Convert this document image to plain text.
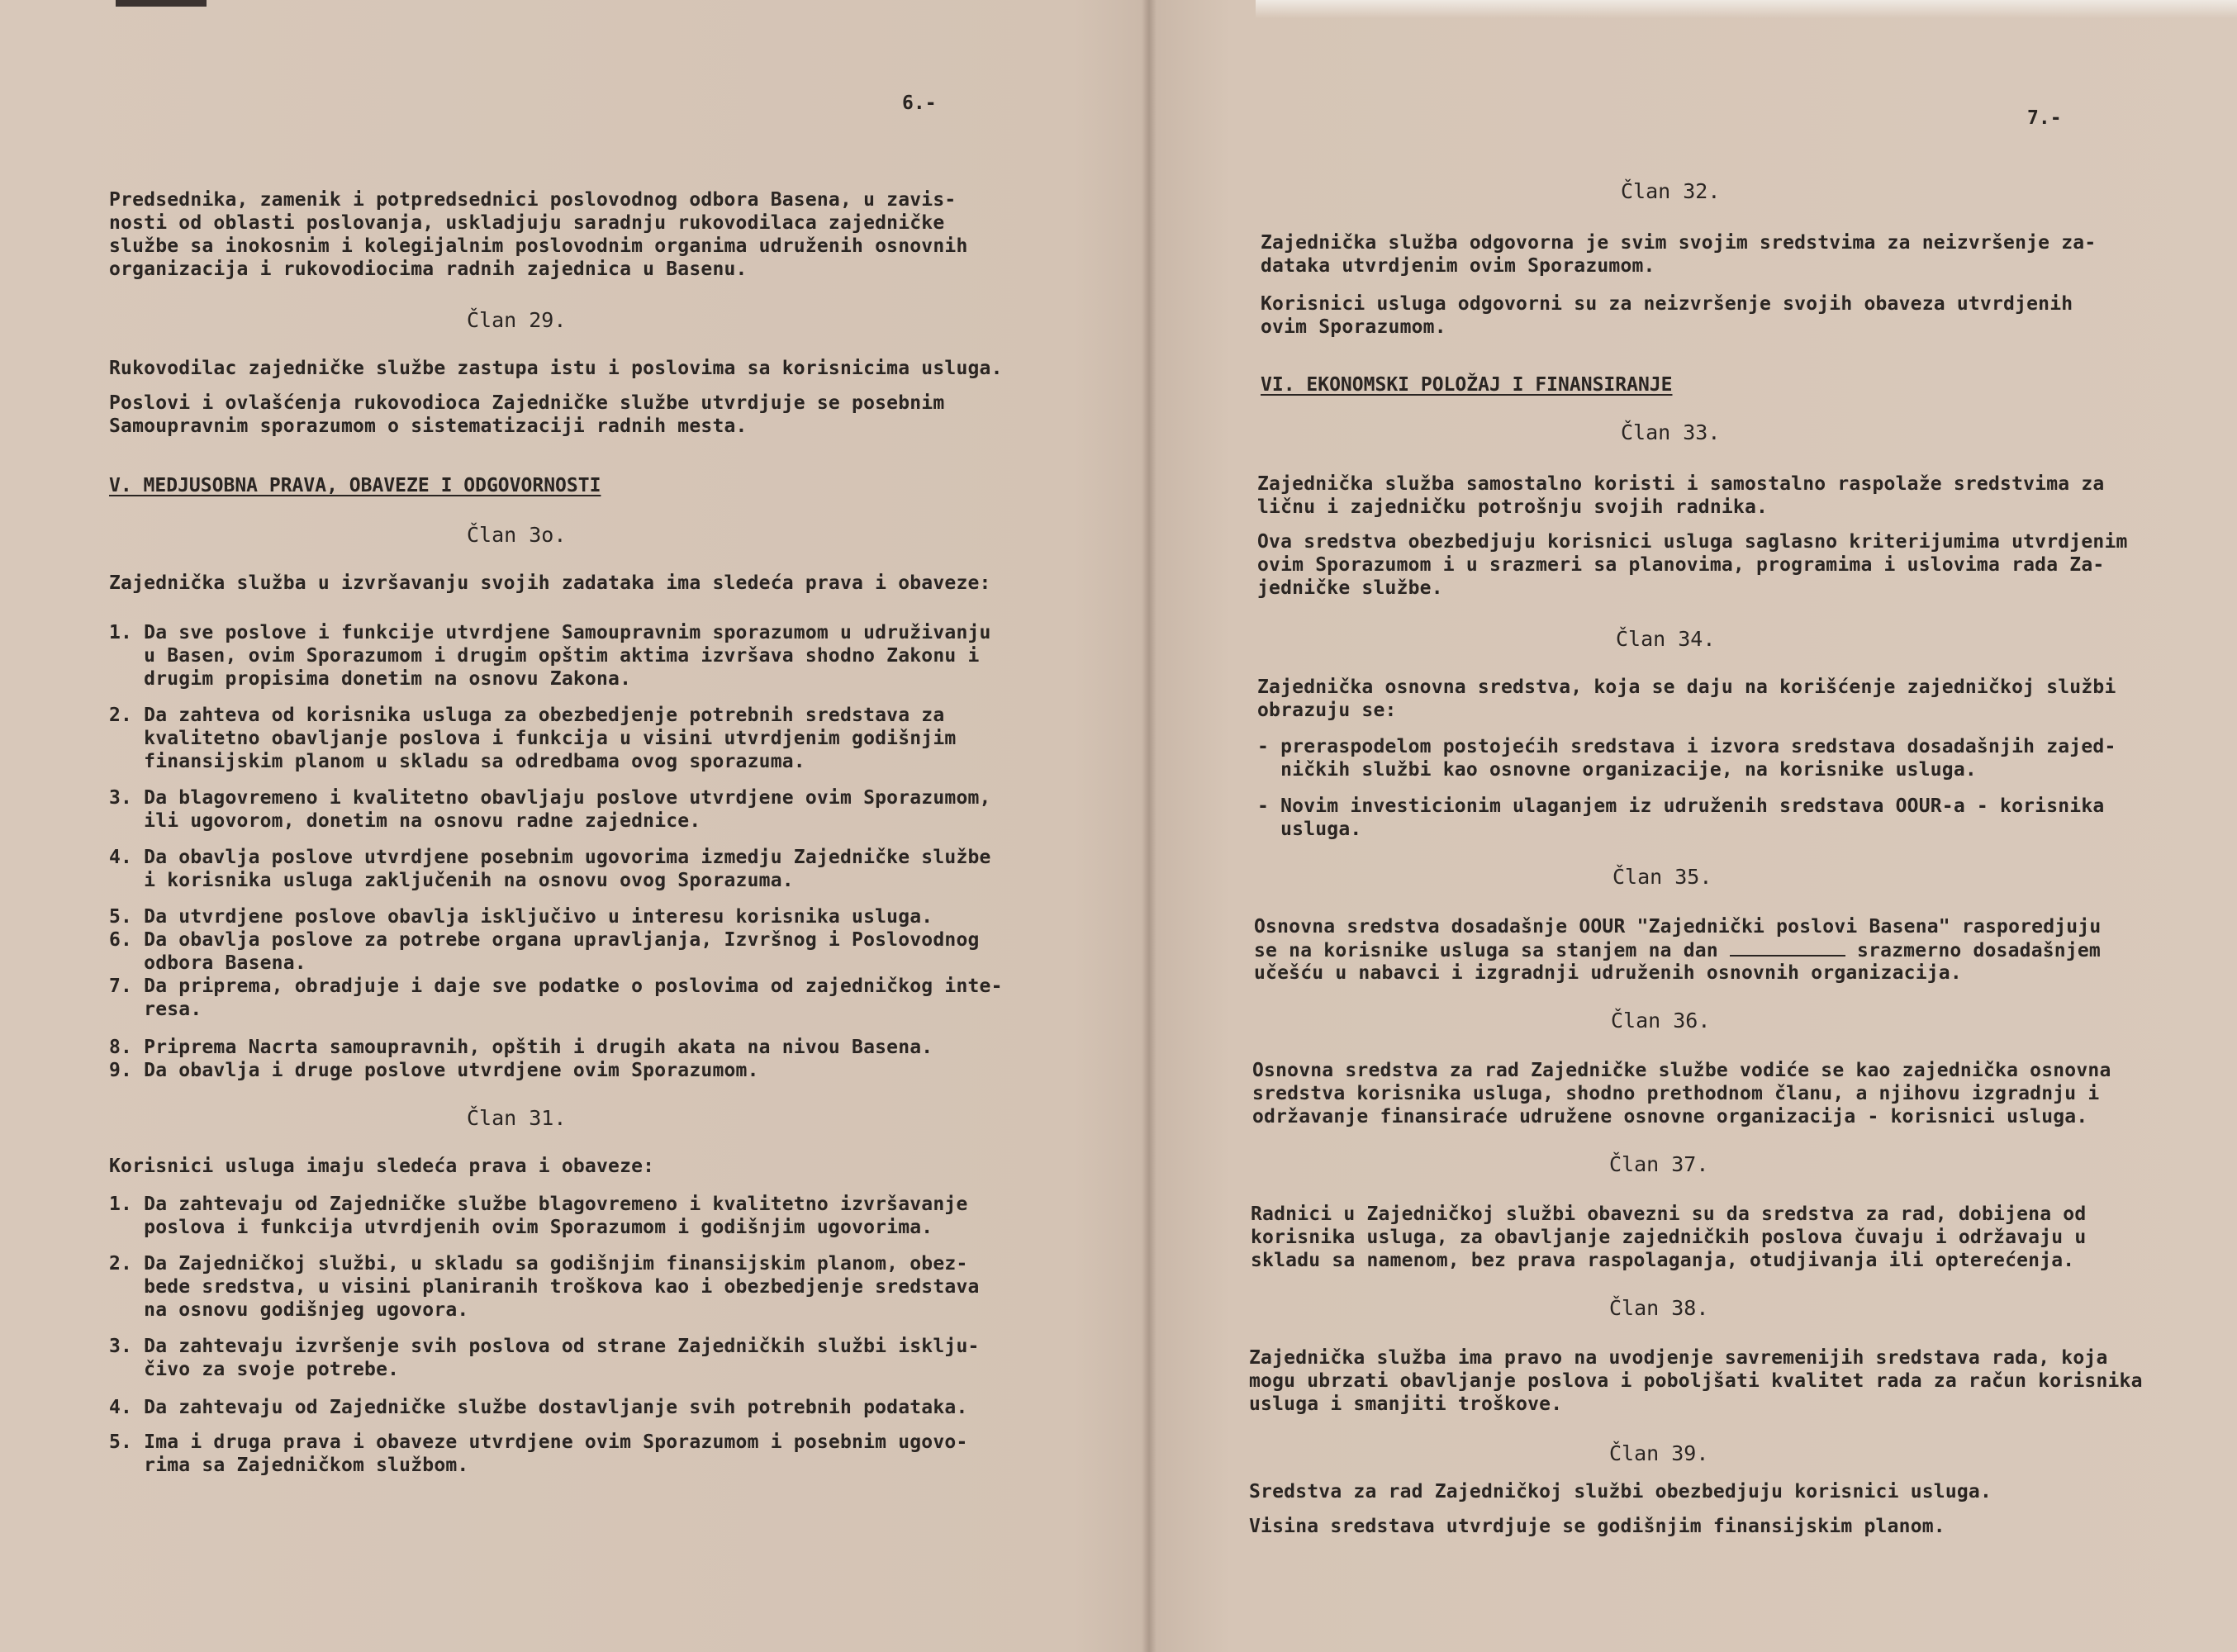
6.-
Predsednika, zamenik i potpredsednici poslovodnog odbora Basena, u zavis-
nosti od oblasti poslovanja, uskladjuju saradnju rukovodilaca zajedničke
službe sa inokosnim i kolegijalnim poslovodnim organima udruženih osnovnih
organizacija i rukovodiocima radnih zajednica u Basenu.
Član 29.
Rukovodilac zajedničke službe zastupa istu i poslovima sa korisnicima usluga.
Poslovi i ovlašćenja rukovodioca Zajedničke službe utvrdjuje se posebnim
Samoupravnim sporazumom o sistematizaciji radnih mesta.
V. MEDJUSOBNA PRAVA, OBAVEZE I ODGOVORNOSTI
Član 3o.
Zajednička služba u izvršavanju svojih zadataka ima sledeća prava i obaveze:
1. Da sve poslove i funkcije utvrdjene Samoupravnim sporazumom u udruživanju
u Basen, ovim Sporazumom i drugim opštim aktima izvršava shodno Zakonu i
drugim propisima donetim na osnovu Zakona.
2. Da zahteva od korisnika usluga za obezbedjenje potrebnih sredstava za
kvalitetno obavljanje poslova i funkcija u visini utvrdjenim godišnjim
finansijskim planom u skladu sa odredbama ovog sporazuma.
3. Da blagovremeno i kvalitetno obavljaju poslove utvrdjene ovim Sporazumom,
ili ugovorom, donetim na osnovu radne zajednice.
4. Da obavlja poslove utvrdjene posebnim ugovorima izmedju Zajedničke službe
i korisnika usluga zaključenih na osnovu ovog Sporazuma.
5. Da utvrdjene poslove obavlja isključivo u interesu korisnika usluga.
6. Da obavlja poslove za potrebe organa upravljanja, Izvršnog i Poslovodnog
odbora Basena.
7. Da priprema, obradjuje i daje sve podatke o poslovima od zajedničkog inte-
resa.
8. Priprema Nacrta samoupravnih, opštih i drugih akata na nivou Basena.
9. Da obavlja i druge poslove utvrdjene ovim Sporazumom.
Član 31.
Korisnici usluga imaju sledeća prava i obaveze:
1. Da zahtevaju od Zajedničke službe blagovremeno i kvalitetno izvršavanje
poslova i funkcija utvrdjenih ovim Sporazumom i godišnjim ugovorima.
2. Da Zajedničkoj službi, u skladu sa godišnjim finansijskim planom, obez-
bede sredstva, u visini planiranih troškova kao i obezbedjenje sredstava
na osnovu godišnjeg ugovora.
3. Da zahtevaju izvršenje svih poslova od strane Zajedničkih službi isklju-
čivo za svoje potrebe.
4. Da zahtevaju od Zajedničke službe dostavljanje svih potrebnih podataka.
5. Ima i druga prava i obaveze utvrdjene ovim Sporazumom i posebnim ugovo-
rima sa Zajedničkom službom.
7.-
Član 32.
Zajednička služba odgovorna je svim svojim sredstvima za neizvršenje za-
dataka utvrdjenim ovim Sporazumom.
Korisnici usluga odgovorni su za neizvršenje svojih obaveza utvrdjenih
ovim Sporazumom.
VI. EKONOMSKI POLOŽAJ I FINANSIRANJE
Član 33.
Zajednička služba samostalno koristi i samostalno raspolaže sredstvima za
ličnu i zajedničku potrošnju svojih radnika.
Ova sredstva obezbedjuju korisnici usluga saglasno kriterijumima utvrdjenim
ovim Sporazumom i u srazmeri sa planovima, programima i uslovima rada Za-
jedničke službe.
Član 34.
Zajednička osnovna sredstva, koja se daju na korišćenje zajedničkoj službi
obrazuju se:
- preraspodelom postojećih sredstava i izvora sredstava dosadašnjih zajed-
ničkih službi kao osnovne organizacije, na korisnike usluga.
- Novim investicionim ulaganjem iz udruženih sredstava OOUR-a - korisnika
usluga.
Član 35.
Osnovna sredstva dosadašnje OOUR "Zajednički poslovi Basena" rasporedjuju
se na korisnike usluga sa stanjem na dan	srazmerno dosadašnjem
učešću u nabavci i izgradnji udruženih osnovnih organizacija.
Član 36.
Osnovna sredstva za rad Zajedničke službe vodiće se kao zajednička osnovna
sredstva korisnika usluga, shodno prethodnom članu, a njihovu izgradnju i
održavanje finansiraće udružene osnovne organizacija - korisnici usluga.
Član 37.
Radnici u Zajedničkoj službi obavezni su da sredstva za rad, dobijena od
korisnika usluga, za obavljanje zajedničkih poslova čuvaju i održavaju u
skladu sa namenom, bez prava raspolaganja, otudjivanja ili opterećenja.
Član 38.
Zajednička služba ima pravo na uvodjenje savremenijih sredstava rada, koja
mogu ubrzati obavljanje poslova i poboljšati kvalitet rada za račun korisnika
usluga i smanjiti troškove.
Član 39.
Sredstva za rad Zajedničkoj službi obezbedjuju korisnici usluga.
Visina sredstava utvrdjuje se godišnjim finansijskim planom.
